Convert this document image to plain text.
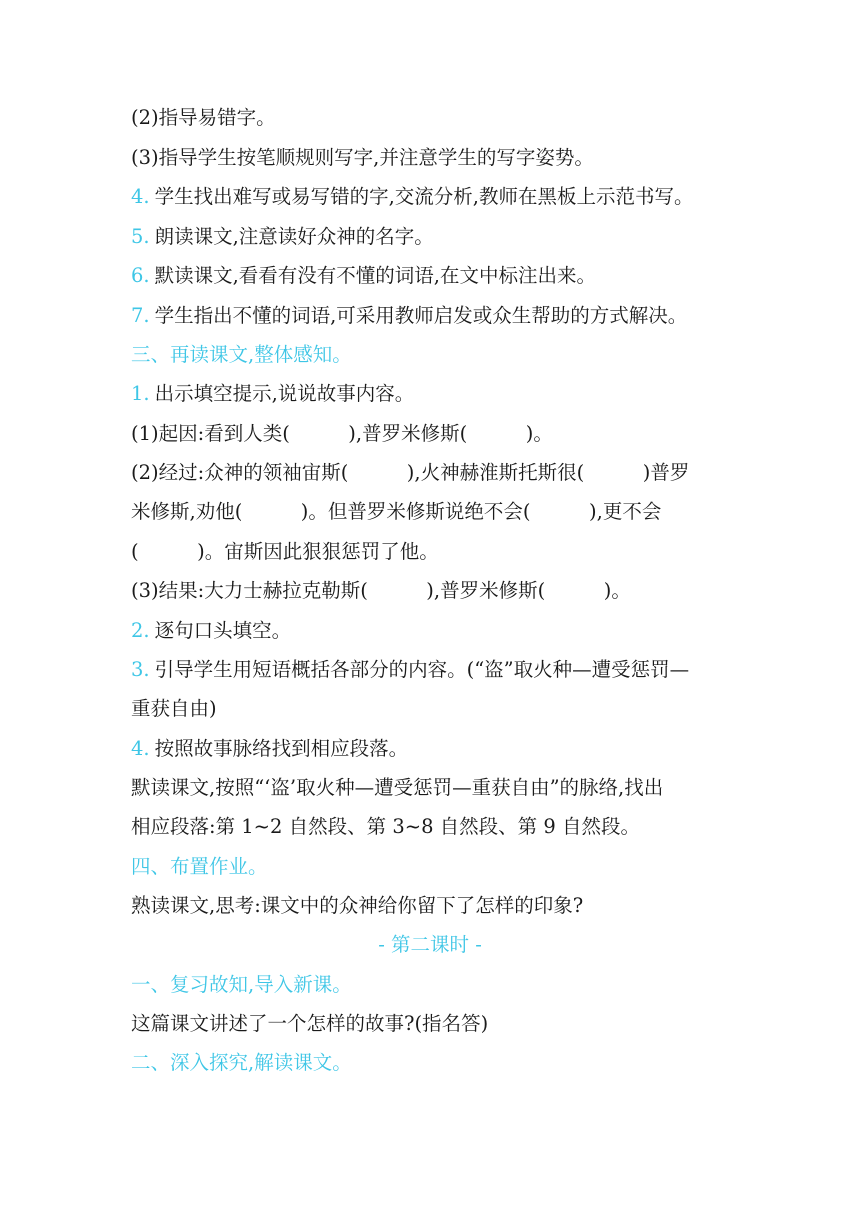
(2)指导易错字。
(3)指导学生按笔顺规则写字,并注意学生的写字姿势。
4. 学生找出难写或易写错的字,交流分析,教师在黑板上示范书写。
5. 朗读课文,注意读好众神的名字。
6. 默读课文,看看有没有不懂的词语,在文中标注出来。
7. 学生指出不懂的词语,可采用教师启发或众生帮助的方式解决。
三、再读课文,整体感知。
1. 出示填空提示,说说故事内容。
(1)起因:看到人类(　　　),普罗米修斯(　　　)。
(2)经过:众神的领袖宙斯(　　　),火神赫淮斯托斯很(　　　)普罗
米修斯,劝他(　　　)。但普罗米修斯说绝不会(　　　),更不会
(　　　)。宙斯因此狠狠惩罚了他。
(3)结果:大力士赫拉克勒斯(　　　),普罗米修斯(　　　)。
2. 逐句口头填空。
3. 引导学生用短语概括各部分的内容。(“盗”取火种—遭受惩罚—
重获自由)
4. 按照故事脉络找到相应段落。
默读课文,按照“‘盗’取火种—遭受惩罚—重获自由”的脉络,找出
相应段落:第 1~2 自然段、第 3~8 自然段、第 9 自然段。
四、布置作业。
熟读课文,思考:课文中的众神给你留下了怎样的印象?
- 第二课时 -
一、复习故知,导入新课。
这篇课文讲述了一个怎样的故事?(指名答)
二、深入探究,解读课文。
